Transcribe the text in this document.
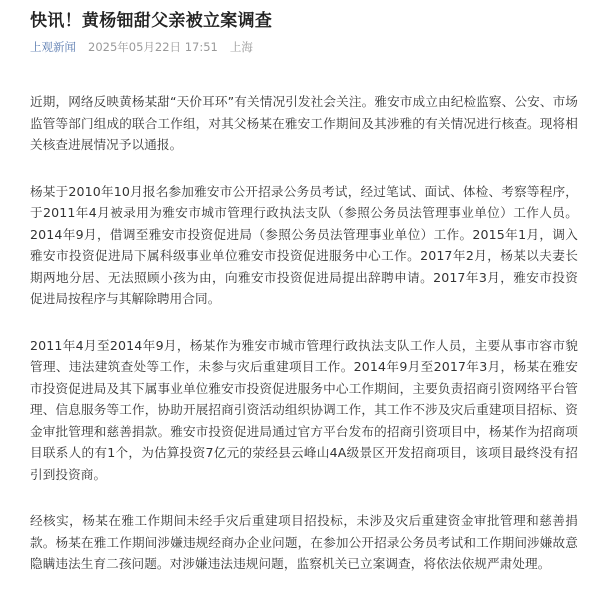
快讯！黄杨钿甜父亲被立案调查
上观新闻 2025年05月22日 17:51 上海

近期，网络反映黄杨某甜“天价耳环”有关情况引发社会关注。雅安市成立由纪检监察、公安、市场监管等部门组成的联合工作组，对其父杨某在雅安工作期间及其涉雅的有关情况进行核查。现将相关核查进展情况予以通报。

杨某于2010年10月报名参加雅安市公开招录公务员考试，经过笔试、面试、体检、考察等程序，于2011年4月被录用为雅安市城市管理行政执法支队（参照公务员法管理事业单位）工作人员。2014年9月，借调至雅安市投资促进局（参照公务员法管理事业单位）工作。2015年1月，调入雅安市投资促进局下属科级事业单位雅安市投资促进服务中心工作。2017年2月，杨某以夫妻长期两地分居、无法照顾小孩为由，向雅安市投资促进局提出辞聘申请。2017年3月，雅安市投资促进局按程序与其解除聘用合同。

2011年4月至2014年9月，杨某作为雅安市城市管理行政执法支队工作人员，主要从事市容市貌管理、违法建筑查处等工作，未参与灾后重建项目工作。2014年9月至2017年3月，杨某在雅安市投资促进局及其下属事业单位雅安市投资促进服务中心工作期间，主要负责招商引资网络平台管理、信息服务等工作，协助开展招商引资活动组织协调工作，其工作不涉及灾后重建项目招标、资金审批管理和慈善捐款。雅安市投资促进局通过官方平台发布的招商引资项目中，杨某作为招商项目联系人的有1个，为估算投资7亿元的荥经县云峰山4A级景区开发招商项目，该项目最终没有招引到投资商。

经核实，杨某在雅工作期间未经手灾后重建项目招投标，未涉及灾后重建资金审批管理和慈善捐款。杨某在雅工作期间涉嫌违规经商办企业问题，在参加公开招录公务员考试和工作期间涉嫌故意隐瞒违法生育二孩问题。对涉嫌违法违规问题，监察机关已立案调查，将依法依规严肃处理。
